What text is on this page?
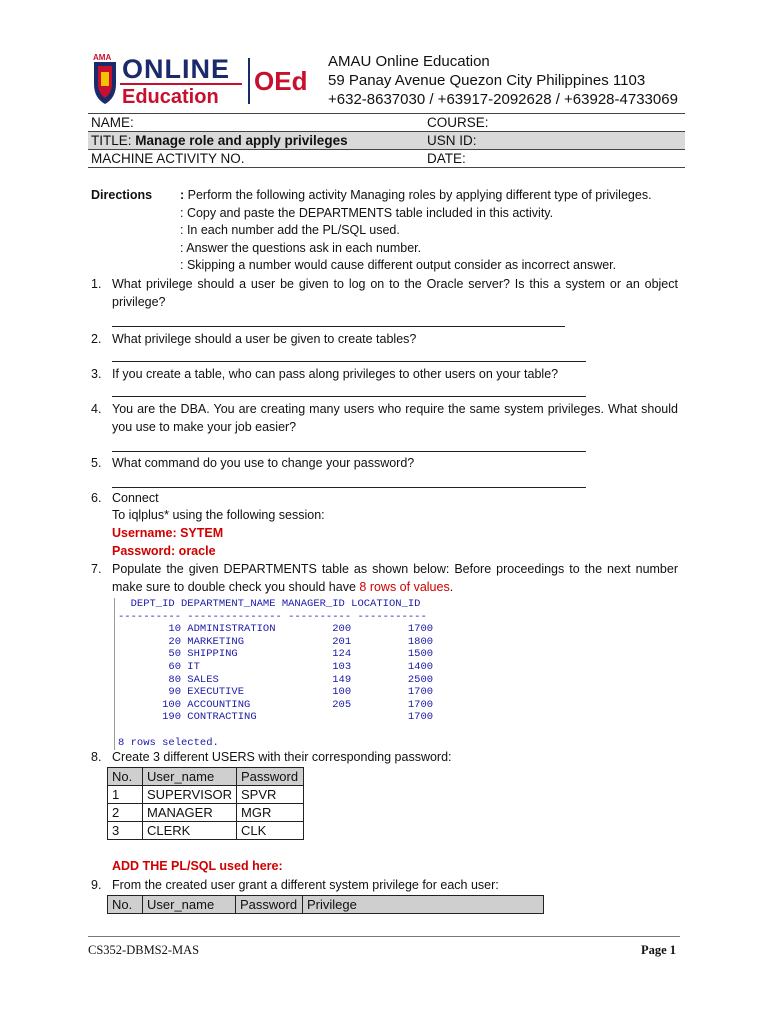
AMA ONLINE
Education
OEd
AMAU Online Education
59 Panay Avenue Quezon City Philippines 1103
+632-8637030 / +63917-2092628 / +63928-4733069
NAME:	COURSE:
TITLE: Manage role and apply privileges	USN ID:
MACHINE ACTIVITY NO.	DATE:
Directions : Perform the following activity Managing roles by applying different type of privileges.
: Copy and paste the DEPARTMENTS table included in this activity.
: In each number add the PL/SQL used.
: Answer the questions ask in each number.
: Skipping a number would cause different output consider as incorrect answer.
1. What privilege should a user be given to log on to the Oracle server? Is this a system or an object privilege?
2. What privilege should a user be given to create tables?
3. If you create a table, who can pass along privileges to other users on your table?
4. You are the DBA. You are creating many users who require the same system privileges. What should you use to make your job easier?
5. What command do you use to change your password?
6. Connect
To iqlplus* using the following session:
Username: SYTEM
Password: oracle
7. Populate the given DEPARTMENTS table as shown below: Before proceedings to the next number make sure to double check you should have 8 rows of values.
DEPT_ID DEPARTMENT_NAME MANAGER_ID LOCATION_ID
---------- --------------- ---------- -----------
10 ADMINISTRATION         200         1700
20 MARKETING              201         1800
50 SHIPPING               124         1500
60 IT                     103         1400
80 SALES                  149         2500
90 EXECUTIVE              100         1700
100 ACCOUNTING             205         1700
190 CONTRACTING                        1700

8 rows selected.
8. Create 3 different USERS with their corresponding password:
No.	User_name	Password
1	SUPERVISOR	SPVR
2	MANAGER	MGR
3	CLERK	CLK
ADD THE PL/SQL used here:
9. From the created user grant a different system privilege for each user:
No.	User_name	Password	Privilege
CS352-DBMS2-MAS	Page 1
